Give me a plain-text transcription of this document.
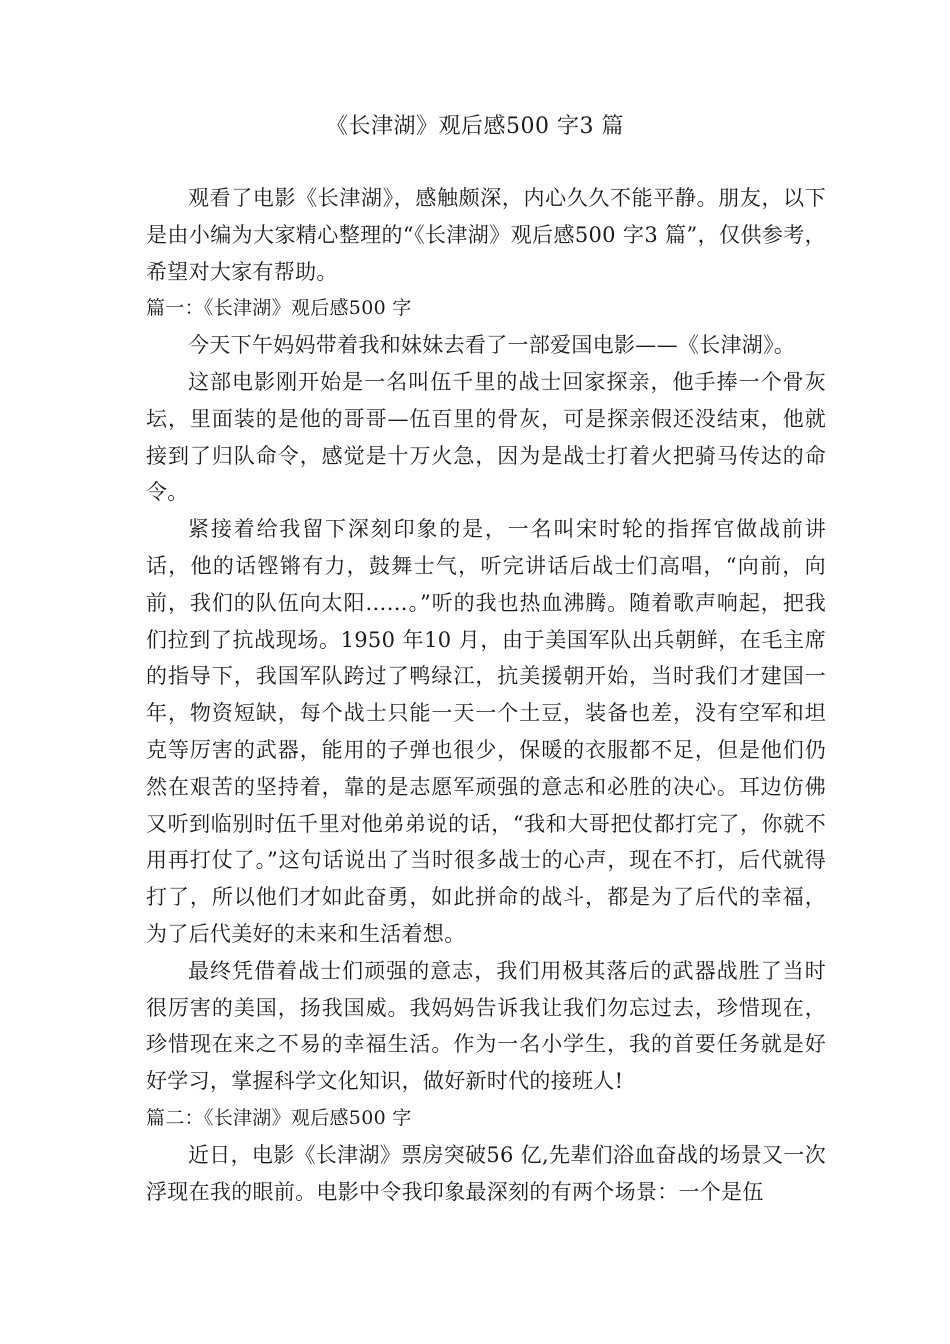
《长津湖》观后感500 字3 篇

观看了电影《长津湖》，感触颇深，内心久久不能平静。朋友，以下是由小编为大家精心整理的“《长津湖》观后感500 字3 篇”，仅供参考，希望对大家有帮助。

篇一：《长津湖》观后感500 字

今天下午妈妈带着我和妹妹去看了一部爱国电影——《长津湖》。

这部电影刚开始是一名叫伍千里的战士回家探亲，他手捧一个骨灰坛，里面装的是他的哥哥—伍百里的骨灰，可是探亲假还没结束，他就接到了归队命令，感觉是十万火急，因为是战士打着火把骑马传达的命令。

紧接着给我留下深刻印象的是，一名叫宋时轮的指挥官做战前讲话，他的话铿锵有力，鼓舞士气，听完讲话后战士们高唱，“向前，向前，我们的队伍向太阳……。”听的我也热血沸腾。随着歌声响起，把我们拉到了抗战现场。1950 年10 月，由于美国军队出兵朝鲜，在毛主席的指导下，我国军队跨过了鸭绿江，抗美援朝开始，当时我们才建国一年，物资短缺，每个战士只能一天一个土豆，装备也差，没有空军和坦克等厉害的武器，能用的子弹也很少，保暖的衣服都不足，但是他们仍然在艰苦的坚持着，靠的是志愿军顽强的意志和必胜的决心。耳边仿佛又听到临别时伍千里对他弟弟说的话，“我和大哥把仗都打完了，你就不用再打仗了。”这句话说出了当时很多战士的心声，现在不打，后代就得打了，所以他们才如此奋勇，如此拼命的战斗，都是为了后代的幸福，为了后代美好的未来和生活着想。

最终凭借着战士们顽强的意志，我们用极其落后的武器战胜了当时很厉害的美国，扬我国威。我妈妈告诉我让我们勿忘过去，珍惜现在，珍惜现在来之不易的幸福生活。作为一名小学生，我的首要任务就是好好学习，掌握科学文化知识，做好新时代的接班人!

篇二：《长津湖》观后感500 字

近日，电影《长津湖》票房突破56 亿,先辈们浴血奋战的场景又一次浮现在我的眼前。电影中令我印象最深刻的有两个场景：一个是伍
